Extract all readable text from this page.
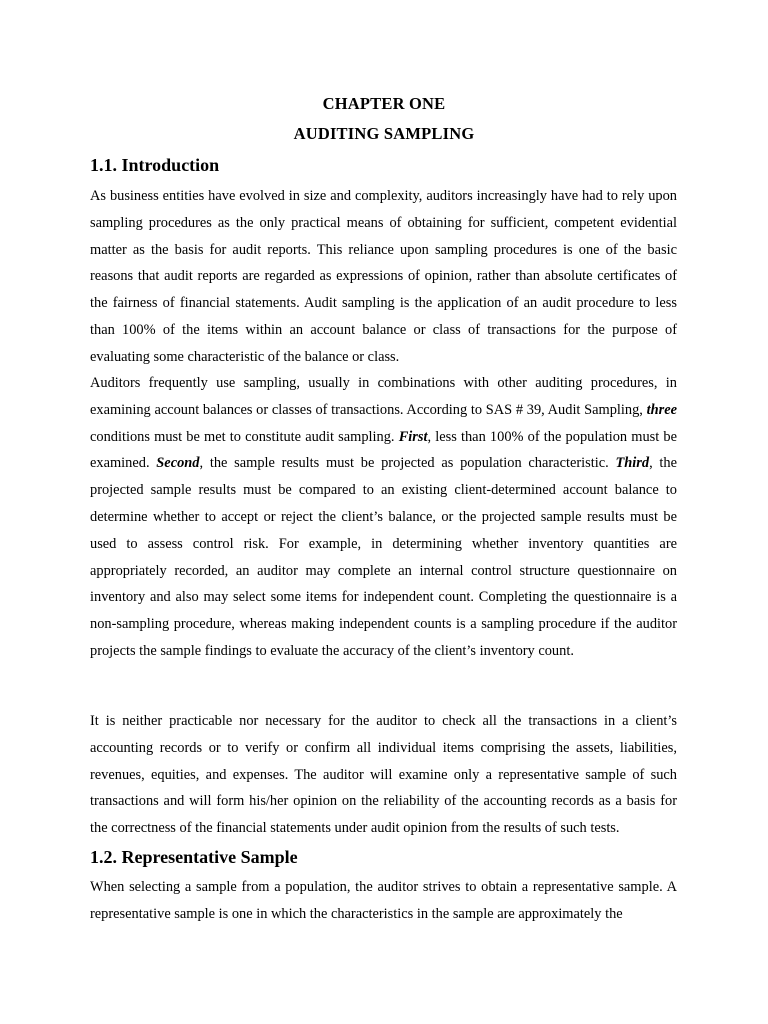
CHAPTER ONE
AUDITING SAMPLING
1.1. Introduction

As business entities have evolved in size and complexity, auditors increasingly have had to rely upon sampling procedures as the only practical means of obtaining for sufficient, competent evidential matter as the basis for audit reports. This reliance upon sampling procedures is one of the basic reasons that audit reports are regarded as expressions of opinion, rather than absolute certificates of the fairness of financial statements. Audit sampling is the application of an audit procedure to less than 100% of the items within an account balance or class of transactions for the purpose of evaluating some characteristic of the balance or class.

Auditors frequently use sampling, usually in combinations with other auditing procedures, in examining account balances or classes of transactions. According to SAS # 39, Audit Sampling, three conditions must be met to constitute audit sampling. First, less than 100% of the population must be examined. Second, the sample results must be projected as population characteristic. Third, the projected sample results must be compared to an existing client-determined account balance to determine whether to accept or reject the client’s balance, or the projected sample results must be used to assess control risk. For example, in determining whether inventory quantities are appropriately recorded, an auditor may complete an internal control structure questionnaire on inventory and also may select some items for independent count. Completing the questionnaire is a non-sampling procedure, whereas making independent counts is a sampling procedure if the auditor projects the sample findings to evaluate the accuracy of the client’s inventory count.

It is neither practicable nor necessary for the auditor to check all the transactions in a client’s accounting records or to verify or confirm all individual items comprising the assets, liabilities, revenues, equities, and expenses. The auditor will examine only a representative sample of such transactions and will form his/her opinion on the reliability of the accounting records as a basis for the correctness of the financial statements under audit opinion from the results of such tests.

1.2. Representative Sample

When selecting a sample from a population, the auditor strives to obtain a representative sample. A representative sample is one in which the characteristics in the sample are approximately the
